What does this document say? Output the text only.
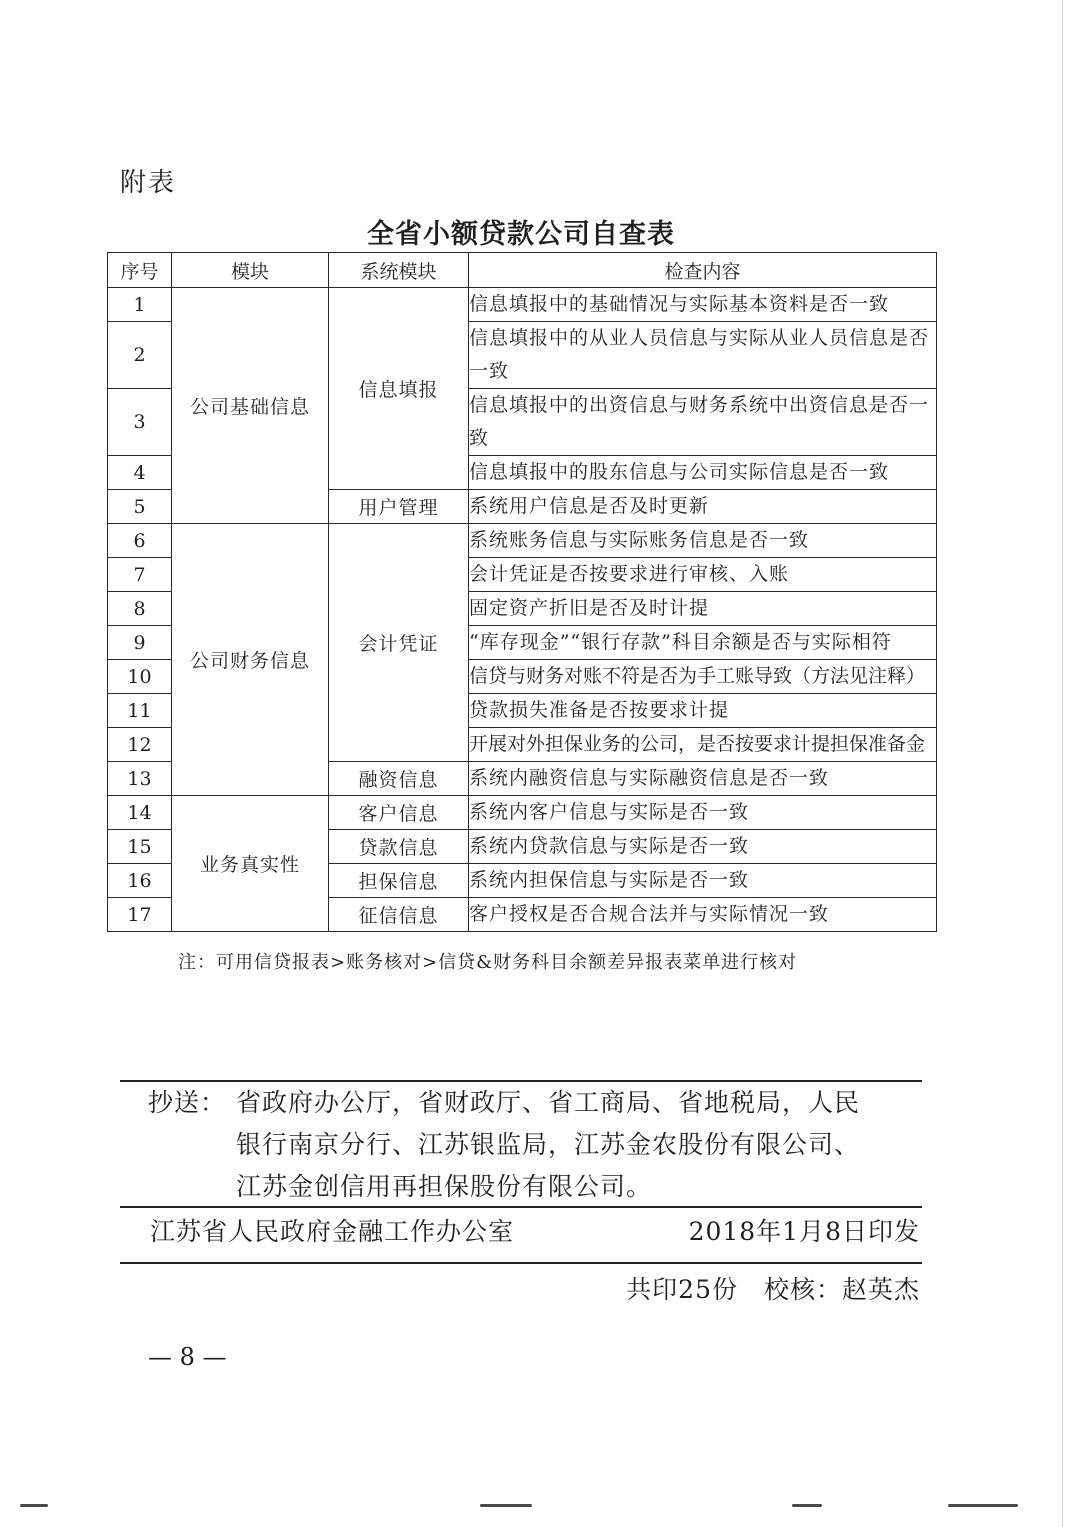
附表
全省小额贷款公司自查表
序号	模块	系统模块	检查内容
1	公司基础信息	信息填报	信息填报中的基础情况与实际基本资料是否一致
2			信息填报中的从业人员信息与实际从业人员信息是否一致
3			信息填报中的出资信息与财务系统中出资信息是否一致
4			信息填报中的股东信息与公司实际信息是否一致
5		用户管理	系统用户信息是否及时更新
6	公司财务信息	会计凭证	系统账务信息与实际账务信息是否一致
7			会计凭证是否按要求进行审核、入账
8			固定资产折旧是否及时计提
9			“库存现金”“银行存款”科目余额是否与实际相符
10			信贷与财务对账不符是否为手工账导致（方法见注释）
11			贷款损失准备是否按要求计提
12			开展对外担保业务的公司，是否按要求计提担保准备金
13		融资信息	系统内融资信息与实际融资信息是否一致
14	业务真实性	客户信息	系统内客户信息与实际是否一致
15		贷款信息	系统内贷款信息与实际是否一致
16		担保信息	系统内担保信息与实际是否一致
17		征信信息	客户授权是否合规合法并与实际情况一致
注：可用信贷报表>账务核对>信贷&财务科目余额差异报表菜单进行核对
抄送： 省政府办公厅，省财政厅、省工商局、省地税局，人民
银行南京分行、江苏银监局，江苏金农股份有限公司、
江苏金创信用再担保股份有限公司。
江苏省人民政府金融工作办公室	2018年1月8日印发
共印25份 校核：赵英杰
— 8 —
